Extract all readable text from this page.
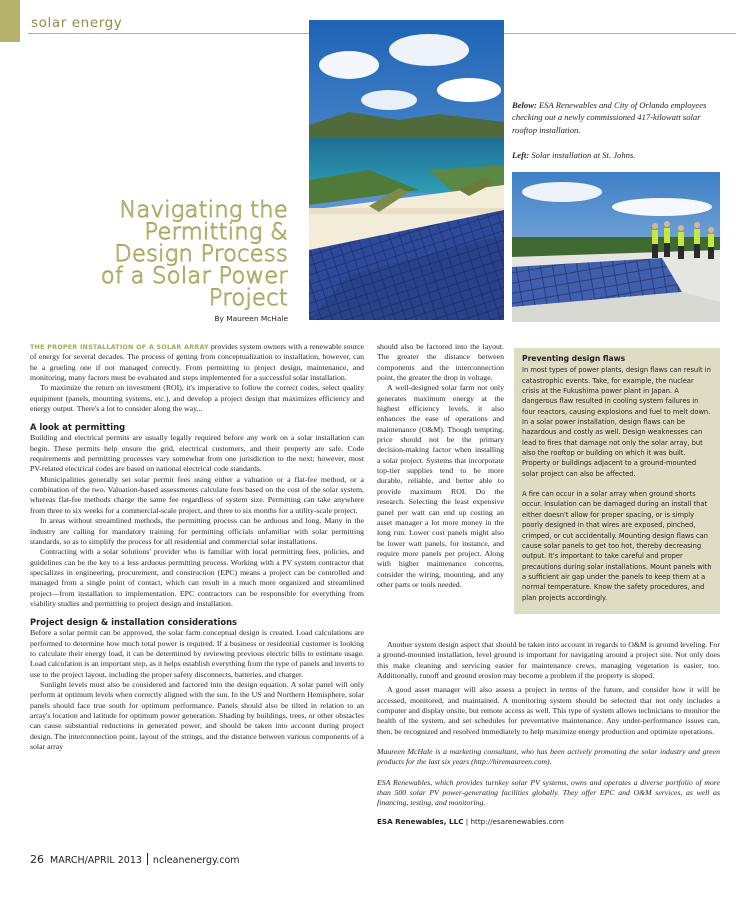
solar energy

Below: ESA Renewables and City of Orlando employees checking out a newly commissioned 417-kilowatt solar rooftop installation.

Left: Solar installation at St. Johns.

Navigating the
Permitting &
Design Process
of a Solar Power
Project
By Maureen McHale

THE PROPER INSTALLATION OF A SOLAR ARRAY provides system owners with a renewable source of energy for several decades. The process of getting from conceptualization to installation, however, can be a grueling one if not managed correctly. From permitting to project design, maintenance, and monitoring, many factors must be evaluated and steps implemented for a successful solar installation.

To maximize the return on investment (ROI), it's imperative to follow the correct codes, select quality equipment (panels, mounting systems, etc.), and develop a project design that maximizes efficiency and energy output. There's a lot to consider along the way...

A look at permitting

Building and electrical permits are usually legally required before any work on a solar installation can begin. These permits help ensure the grid, electrical customers, and their property are safe. Code requirements and permitting processes vary somewhat from one jurisdiction to the next; however, most PV-related electrical codes are based on national electrical code standards.

Municipalities generally set solar permit fees using either a valuation or a flat-fee method, or a combination of the two. Valuation-based assessments calculate fees based on the cost of the solar system, whereas flat-fee methods charge the same fee regardless of system size. Permitting can take anywhere from three to six weeks for a commercial-scale project, and three to six months for a utility-scale project.

In areas without streamlined methods, the permitting process can be arduous and long. Many in the industry are calling for mandatory training for permitting officials unfamiliar with solar permitting standards, so as to simplify the process for all residential and commercial solar installations.

Contracting with a solar solutions' provider who is familiar with local permitting fees, policies, and guidelines can be the key to a less arduous permitting process. Working with a PV system contractor that specializes in engineering, procurement, and construction (EPC) means a project can be controlled and managed from a single point of contact, which can result in a much more organized and streamlined project—from installation to implementation. EPC contractors can be responsible for everything from viability studies and permitting to project design and installation.

Project design & installation considerations

Before a solar permit can be approved, the solar farm conceptual design is created. Load calculations are performed to determine how much total power is required. If a business or residential customer is looking to calculate their energy load, it can be determined by reviewing previous electric bills to estimate usage. Load calculation is an important step, as it helps establish everything from the type of panels and inverts to use to the project layout, including the proper safety disconnects, batteries, and charger.

Sunlight levels must also be considered and factored into the design equation. A solar panel will only perform at optimum levels when correctly aligned with the sun. In the US and Northern Hemisphere, solar panels should face true south for optimum performance. Panels should also be tilted in relation to an array's location and latitude for optimum power generation. Shading by buildings, trees, or other obstacles can cause substantial reductions in generated power, and should be taken into account during project design. The interconnection point, layout of the strings, and the distance between various components of a solar array

should also be factored into the layout. The greater the distance between components and the interconnection point, the greater the drop in voltage.

A well-designed solar farm not only generates maximum energy at the highest efficiency levels, it also enhances the ease of operations and maintenance (O&M). Though tempting, price should not be the primary decision-making factor when installing a solar project. Systems that incorporate top-tier supplies tend to be more durable, reliable, and better able to provide maximum ROI. Do the research. Selecting the least expensive panel per watt can end up costing an asset manager a lot more money in the long run. Lower cost panels might also be lower watt panels, for instance, and require more panels per project. Along with higher maintenance concerns, consider the wiring, mounting, and any other parts or tools needed.

Preventing design flaws

In most types of power plants, design flaws can result in catastrophic events. Take, for example, the nuclear crisis at the Fukushima power plant in Japan. A dangerous flaw resulted in cooling system failures in four reactors, causing explosions and fuel to melt down. In a solar power installation, design flaws can be hazardous and costly as well. Design weaknesses can lead to fires that damage not only the solar array, but also the rooftop or building on which it was built. Property or buildings adjacent to a ground-mounted solar project can also be affected.

A fire can occur in a solar array when ground shorts occur. Insulation can be damaged during an install that either doesn't allow for proper spacing, or is simply poorly designed in that wires are exposed, pinched, crimped, or cut accidentally. Mounting design flaws can cause solar panels to get too hot, thereby decreasing output. It's important to take careful and proper precautions during solar installations. Mount panels with a sufficient air gap under the panels to keep them at a normal temperature. Know the safety procedures, and plan projects accordingly.

Another system design aspect that should be taken into account in regards to O&M is ground leveling. For a ground-mounted installation, level ground is important for navigating around a project site. Not only does this make cleaning and servicing easier for maintenance crews, managing vegetation is easier, too. Additionally, runoff and ground erosion may become a problem if the property is sloped.

A good asset manager will also assess a project in terms of the future, and consider how it will be accessed, monitored, and maintained. A monitoring system should be selected that not only includes a computer and display onsite, but remote access as well. This type of system allows technicians to monitor the health of the system, and set schedules for preventative maintenance. Any under-performance issues can, then, be recognized and resolved immediately to help maximize energy production and optimize operations.

Maureen McHale is a marketing consultant, who has been actively promoting the solar industry and green products for the last six years (http://hiremaureen.com).

ESA Renewables, which provides turnkey solar PV systems, owns and operates a diverse portfolio of more than 500 solar PV power-generating facilities globally. They offer EPC and O&M services, as well as financing, testing, and monitoring.

ESA Renewables, LLC | http://esarenewables.com

26 MARCH/APRIL 2013 ncleanenergy.com
